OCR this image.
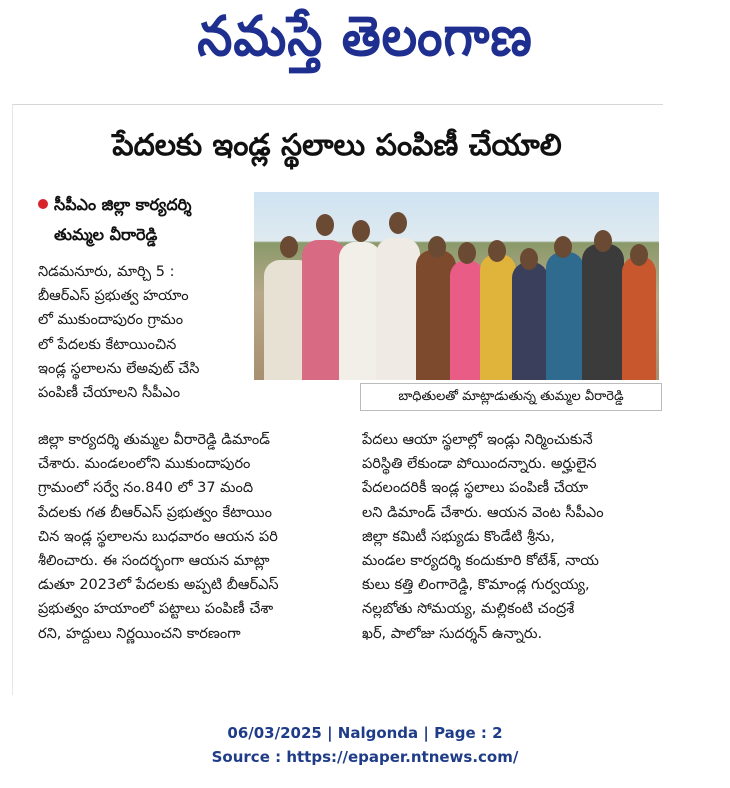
నమస్తే తెలంగాణ
పేదలకు ఇండ్ల స్థలాలు పంపిణీ చేయాలి
సీపీఎం జిల్లా కార్యదర్శి
తుమ్మల వీరారెడ్డి
బాధితులతో మాట్లాడుతున్న తుమ్మల వీరారెడ్డి
నిడమనూరు, మార్చి 5 :
బీఆర్ఎస్ ప్రభుత్వ హయాం
లో ముకుందాపురం గ్రామం
లో పేదలకు కేటాయించిన
ఇండ్ల స్థలాలను లేఅవుట్ చేసి
పంపిణీ చేయాలని సీపీఎం
జిల్లా కార్యదర్శి తుమ్మల వీరారెడ్డి డిమాండ్
చేశారు. మండలంలోని ముకుందాపురం
గ్రామంలో సర్వే నం.840 లో 37 మంది
పేదలకు గత బీఆర్ఎస్ ప్రభుత్వం కేటాయిం
చిన ఇండ్ల స్థలాలను బుధవారం ఆయన పరి
శీలించారు. ఈ సందర్భంగా ఆయన మాట్లా
డుతూ 2023లో పేదలకు అప్పటి బీఆర్ఎస్
ప్రభుత్వం హయాంలో పట్టాలు పంపిణీ చేశా
రని, హద్దులు నిర్ణయించని కారణంగా
పేదలు ఆయా స్థలాల్లో ఇండ్లు నిర్మించుకునే
పరిస్థితి లేకుండా పోయిందన్నారు. అర్హులైన
పేదలందరికీ ఇండ్ల స్థలాలు పంపిణీ చేయా
లని డిమాండ్ చేశారు. ఆయన వెంట సీపీఎం
జిల్లా కమిటీ సభ్యుడు కొండేటి శ్రీను,
మండల కార్యదర్శి కందుకూరి కోటేశ్, నాయ
కులు కత్తి లింగారెడ్డి, కొమాండ్ల గుర్వయ్య,
నల్లబోతు సోమయ్య, మల్లికంటి చంద్రశే
ఖర్, పాలోజు సుదర్శన్ ఉన్నారు.
06/03/2025 | Nalgonda | Page : 2
Source : https://epaper.ntnews.com/
